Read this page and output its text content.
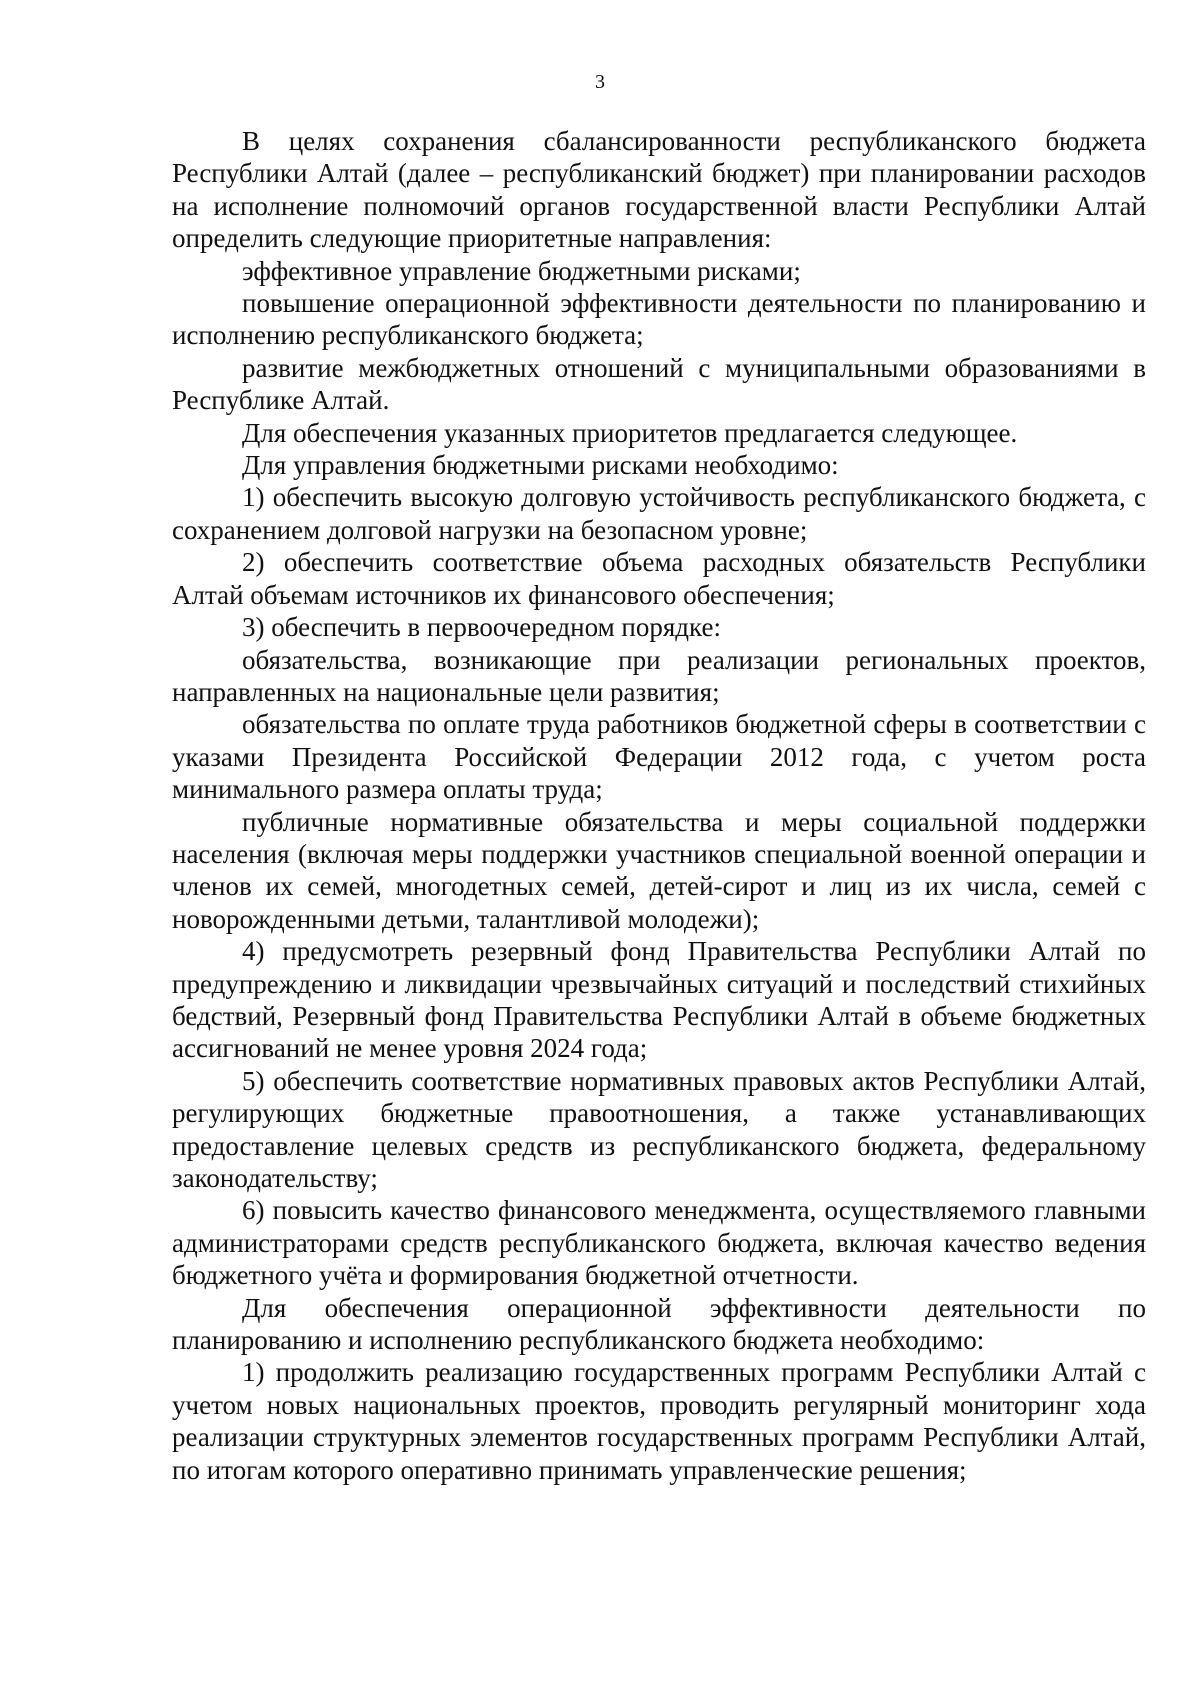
3

В целях сохранения сбалансированности республиканского бюджета Республики Алтай (далее – республиканский бюджет) при планировании расходов на исполнение полномочий органов государственной власти Республики Алтай определить следующие приоритетные направления:

эффективное управление бюджетными рисками;

повышение операционной эффективности деятельности по планированию и исполнению республиканского бюджета;

развитие межбюджетных отношений с муниципальными образованиями в Республике Алтай.

Для обеспечения указанных приоритетов предлагается следующее.

Для управления бюджетными рисками необходимо:

1) обеспечить высокую долговую устойчивость республиканского бюджета, с сохранением долговой нагрузки на безопасном уровне;

2) обеспечить соответствие объема расходных обязательств Республики Алтай объемам источников их финансового обеспечения;

3) обеспечить в первоочередном порядке:

обязательства, возникающие при реализации региональных проектов, направленных на национальные цели развития;

обязательства по оплате труда работников бюджетной сферы в соответствии с указами Президента Российской Федерации 2012 года, с учетом роста минимального размера оплаты труда;

публичные нормативные обязательства и меры социальной поддержки населения (включая меры поддержки участников специальной военной операции и членов их семей, многодетных семей, детей-сирот и лиц из их числа, семей с новорожденными детьми, талантливой молодежи);

4) предусмотреть резервный фонд Правительства Республики Алтай по предупреждению и ликвидации чрезвычайных ситуаций и последствий стихийных бедствий, Резервный фонд Правительства Республики Алтай в объеме бюджетных ассигнований не менее уровня 2024 года;

5) обеспечить соответствие нормативных правовых актов Республики Алтай, регулирующих бюджетные правоотношения, а также устанавливающих предоставление целевых средств из республиканского бюджета, федеральному законодательству;

6) повысить качество финансового менеджмента, осуществляемого главными администраторами средств республиканского бюджета, включая качество ведения бюджетного учёта и формирования бюджетной отчетности.

Для обеспечения операционной эффективности деятельности по планированию и исполнению республиканского бюджета необходимо:

1) продолжить реализацию государственных программ Республики Алтай с учетом новых национальных проектов, проводить регулярный мониторинг хода реализации структурных элементов государственных программ Республики Алтай, по итогам которого оперативно принимать управленческие решения;
